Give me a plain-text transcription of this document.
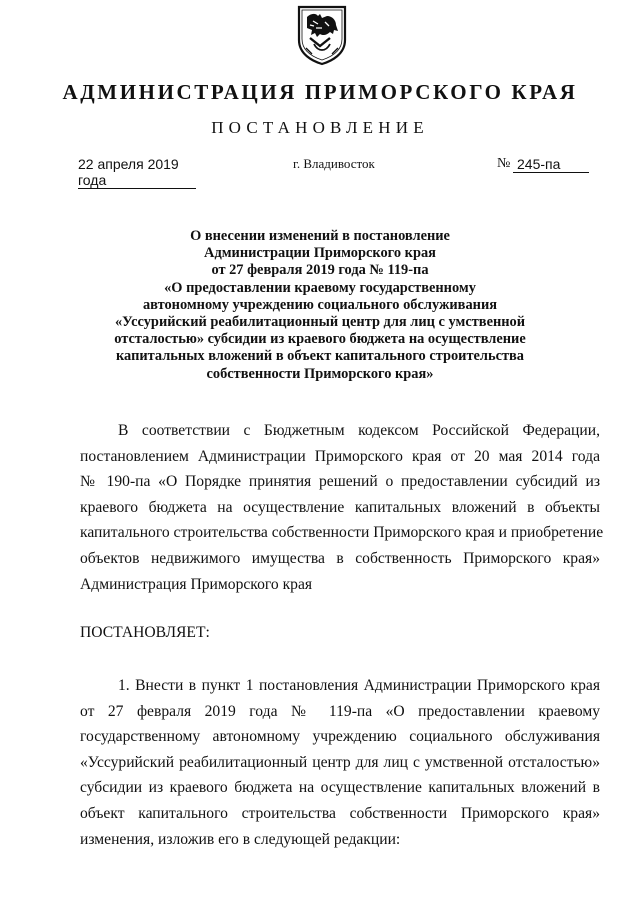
АДМИНИСТРАЦИЯ ПРИМОРСКОГО КРАЯ
ПОСТАНОВЛЕНИЕ
22 апреля 2019 года
г. Владивосток	№ 245-па
О внесении изменений в постановление
Администрации Приморского края
от 27 февраля 2019 года № 119-па
«О предоставлении краевому государственному
автономному учреждению социального обслуживания
«Уссурийский реабилитационный центр для лиц с умственной
отсталостью» субсидии из краевого бюджета на осуществление
капитальных вложений в объект капитального строительства
собственности Приморского края»
В соответствии с Бюджетным кодексом Российской Федерации,
постановлением Администрации Приморского края от 20 мая 2014 года
№ 190-па «О Порядке принятия решений о предоставлении субсидий из
краевого бюджета на осуществление капитальных вложений в объекты
капитального строительства собственности Приморского края и приобретение
объектов недвижимого имущества в собственность Приморского края»
Администрация Приморского края
ПОСТАНОВЛЯЕТ:
1. Внести в пункт 1 постановления Администрации Приморского края
от 27 февраля 2019 года № 119-па «О предоставлении краевому
государственному автономному учреждению социального обслуживания
«Уссурийский реабилитационный центр для лиц с умственной отсталостью»
субсидии из краевого бюджета на осуществление капитальных вложений в
объект капитального строительства собственности Приморского края»
изменения, изложив его в следующей редакции:
